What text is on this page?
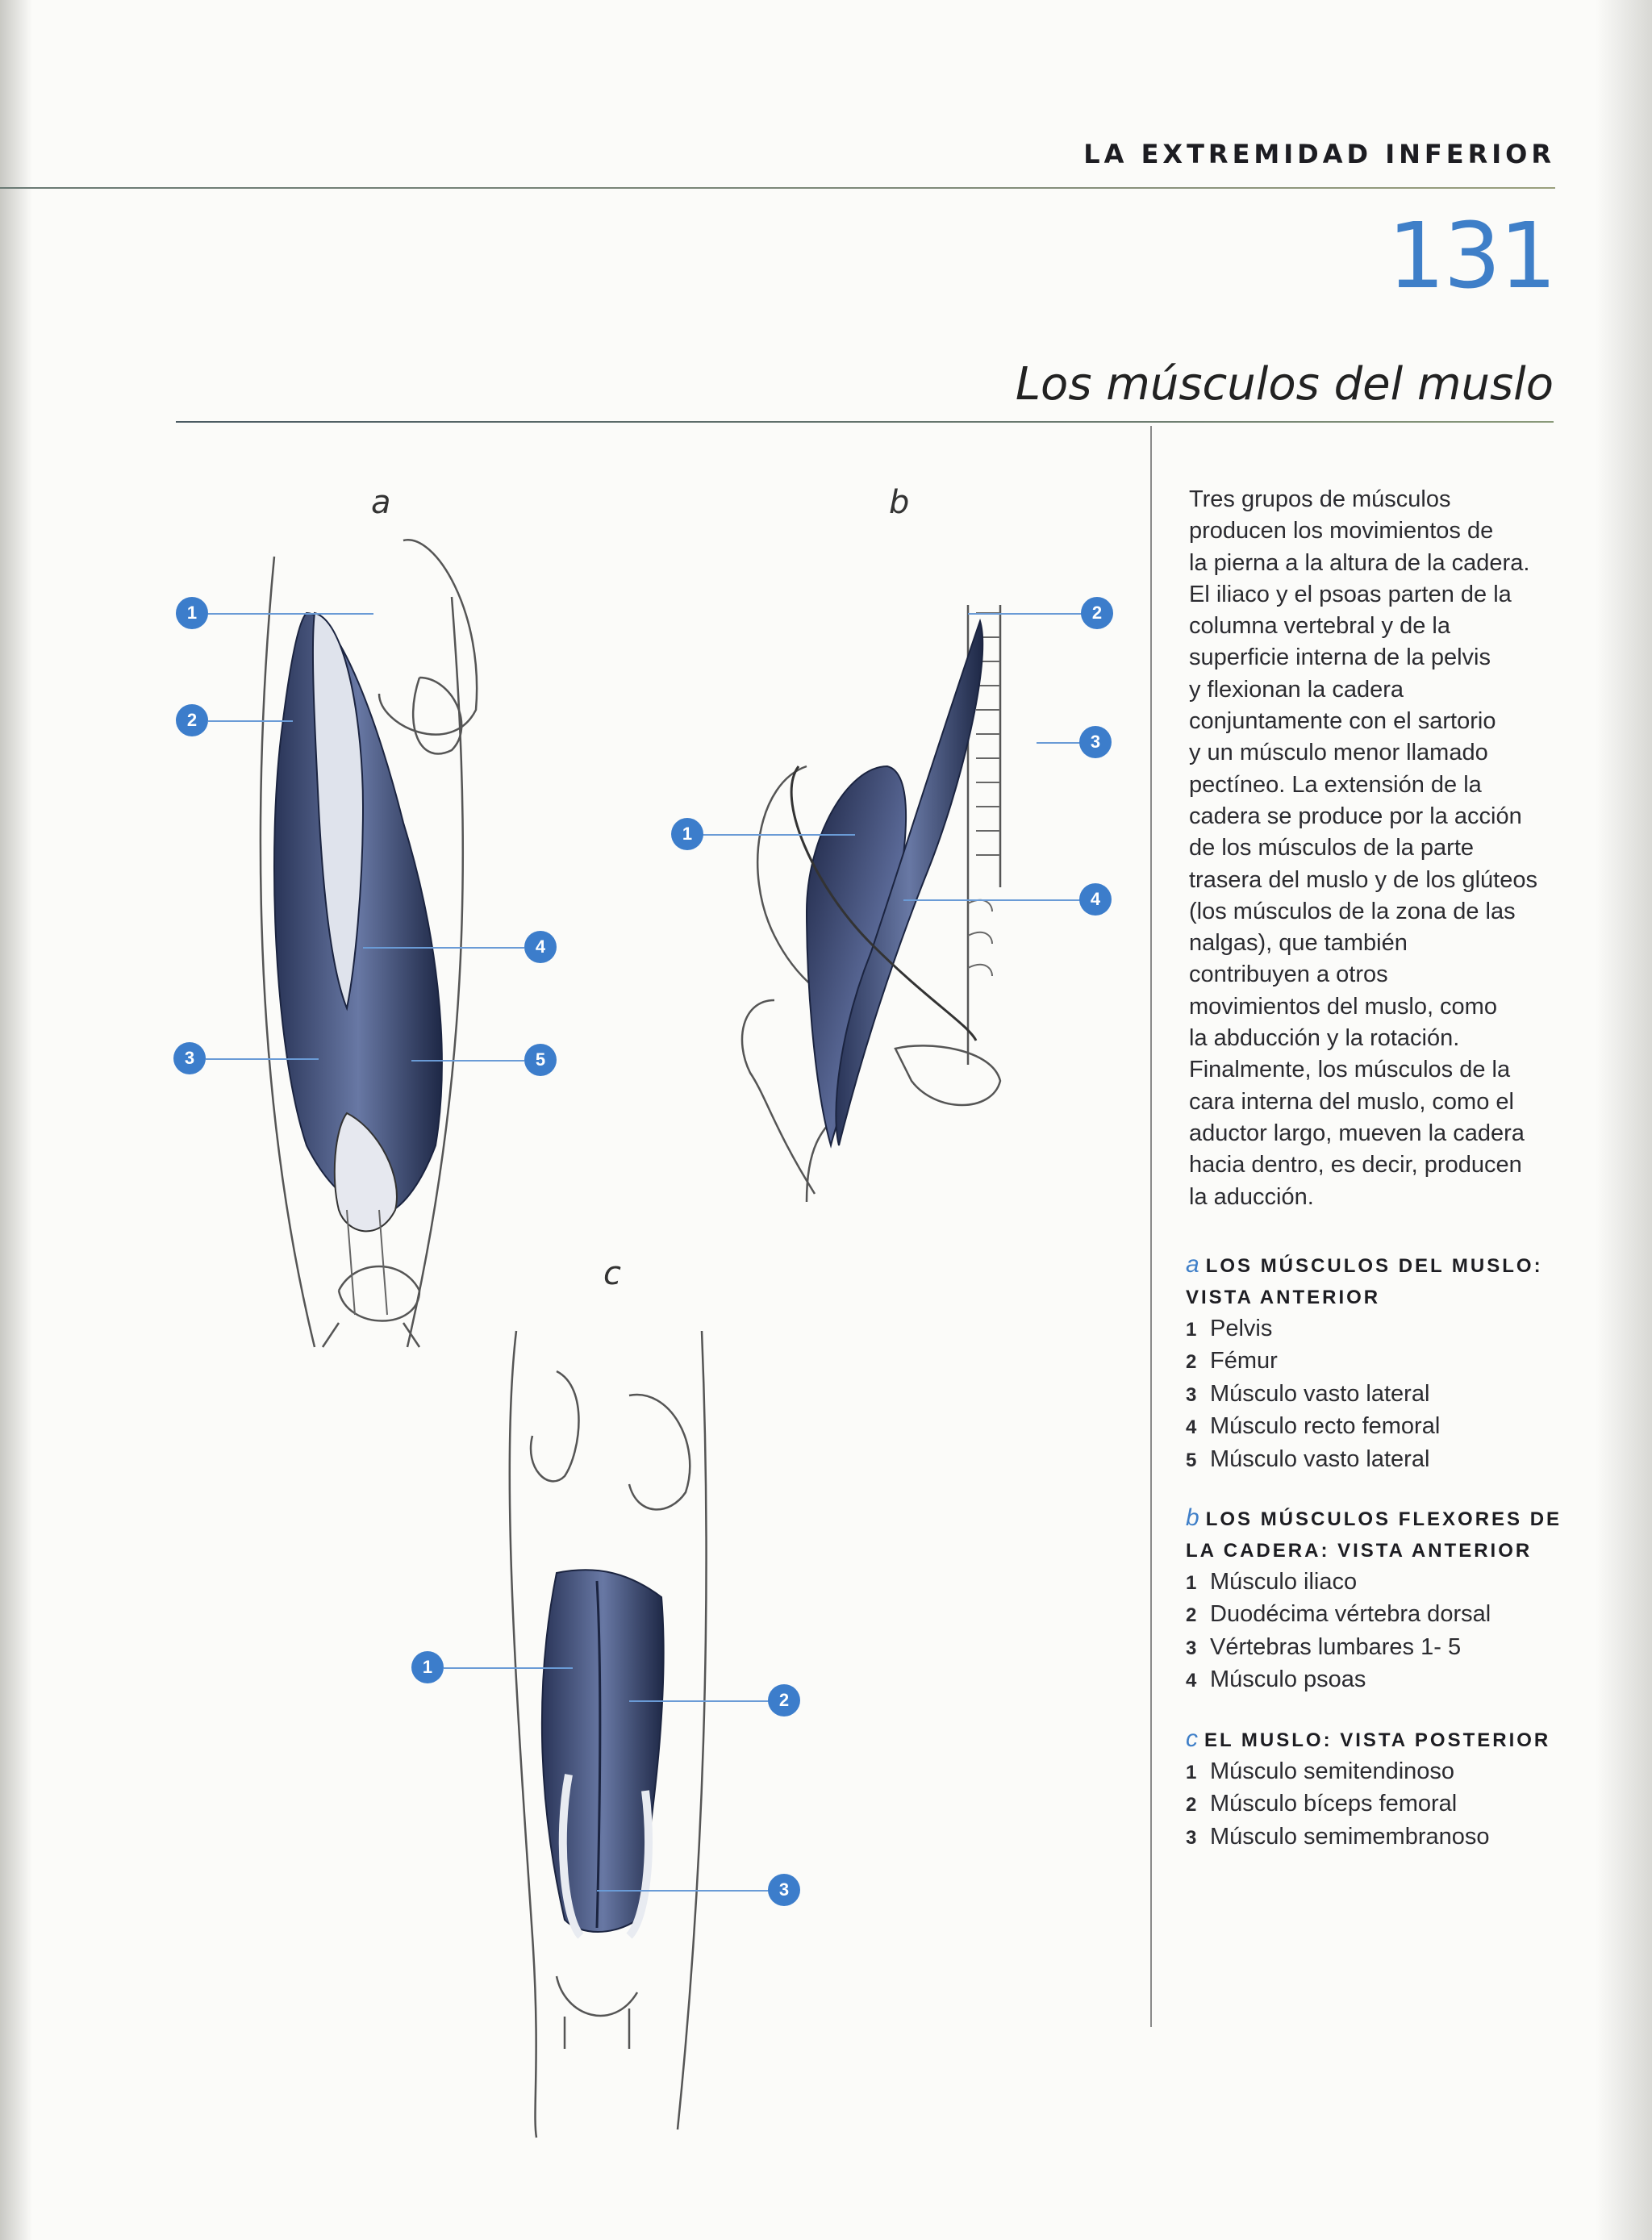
LA EXTREMIDAD INFERIOR
131
Los músculos del muslo
a	b
c
1
2
3
4
5
1
2
3
4
1
2
3

Tres grupos de músculos

producen los movimientos de

la pierna a la altura de la cadera.

El iliaco y el psoas parten de la

columna vertebral y de la

superficie interna de la pelvis

y flexionan la cadera

conjuntamente con el sartorio

y un músculo menor llamado

pectíneo. La extensión de la

cadera se produce por la acción

de los músculos de la parte

trasera del muslo y de los glúteos

(los músculos de la zona de las

nalgas), que también

contribuyen a otros

movimientos del muslo, como

la abducción y la rotación.

Finalmente, los músculos de la

cara interna del muslo, como el

aductor largo, mueven la cadera

hacia dentro, es decir, producen

la aducción.

a LOS MÚSCULOS DEL MUSLO:
VISTA ANTERIOR
1 Pelvis
2 Fémur
3 Músculo vasto lateral
4 Músculo recto femoral
5 Músculo vasto lateral
b LOS MÚSCULOS FLEXORES DE
LA CADERA: VISTA ANTERIOR
1 Músculo iliaco
2 Duodécima vértebra dorsal
3 Vértebras lumbares 1- 5
4 Músculo psoas
c EL MUSLO: VISTA POSTERIOR
1 Músculo semitendinoso
2 Músculo bíceps femoral
3 Músculo semimembranoso
